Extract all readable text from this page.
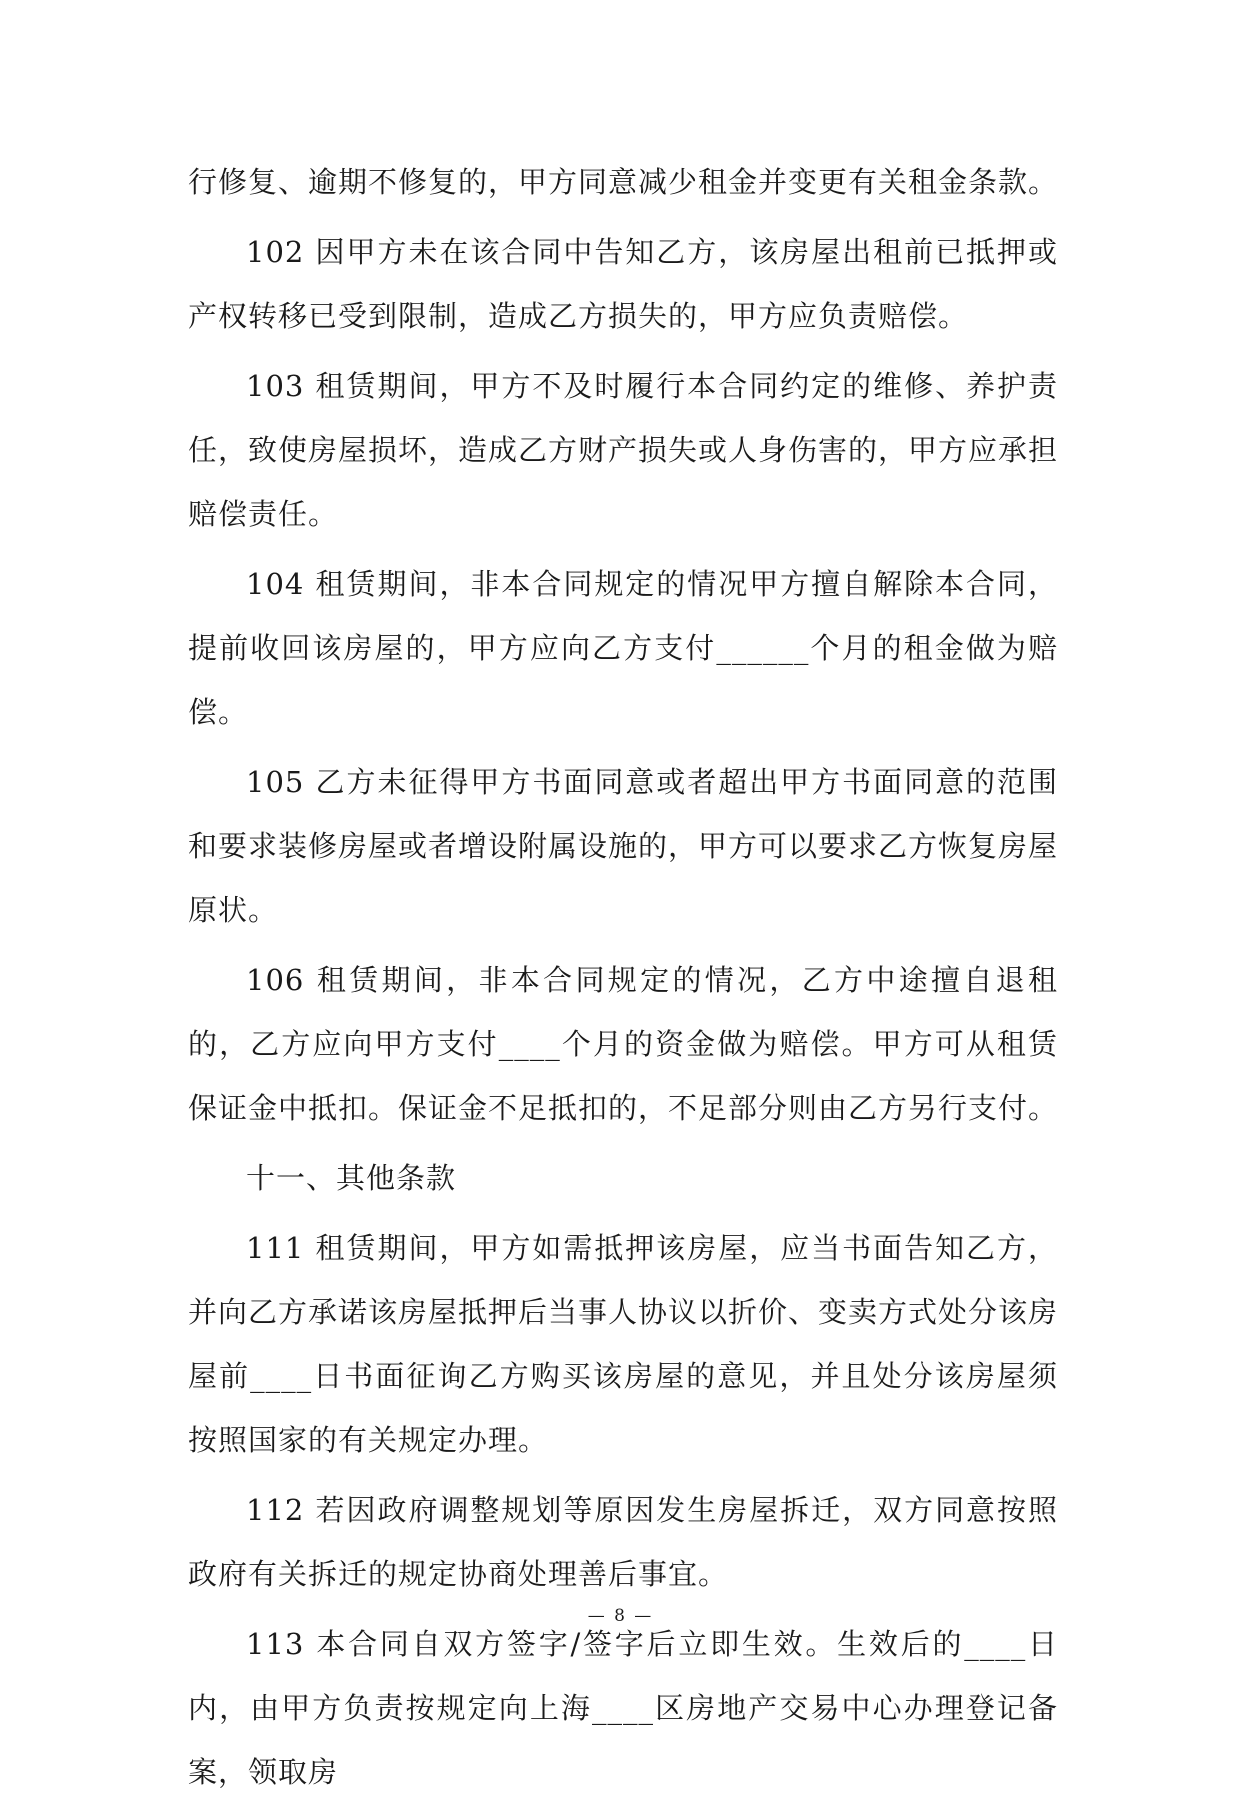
行修复、逾期不修复的，甲方同意减少租金并变更有关租金条款。

102 因甲方未在该合同中告知乙方，该房屋出租前已抵押或产权转移已受到限制，造成乙方损失的，甲方应负责赔偿。

103 租赁期间，甲方不及时履行本合同约定的维修、养护责任，致使房屋损坏，造成乙方财产损失或人身伤害的，甲方应承担赔偿责任。

104 租赁期间，非本合同规定的情况甲方擅自解除本合同，提前收回该房屋的，甲方应向乙方支付______个月的租金做为赔偿。

105 乙方未征得甲方书面同意或者超出甲方书面同意的范围和要求装修房屋或者增设附属设施的，甲方可以要求乙方恢复房屋原状。

106 租赁期间，非本合同规定的情况，乙方中途擅自退租的，乙方应向甲方支付____个月的资金做为赔偿。甲方可从租赁保证金中抵扣。保证金不足抵扣的，不足部分则由乙方另行支付。

十一、其他条款

111 租赁期间，甲方如需抵押该房屋，应当书面告知乙方，并向乙方承诺该房屋抵押后当事人协议以折价、变卖方式处分该房屋前____日书面征询乙方购买该房屋的意见，并且处分该房屋须按照国家的有关规定办理。

112 若因政府调整规划等原因发生房屋拆迁，双方同意按照政府有关拆迁的规定协商处理善后事宜。

113 本合同自双方签字/签字后立即生效。生效后的____日内，由甲方负责按规定向上海____区房地产交易中心办理登记备案，领取房

— 8 —
